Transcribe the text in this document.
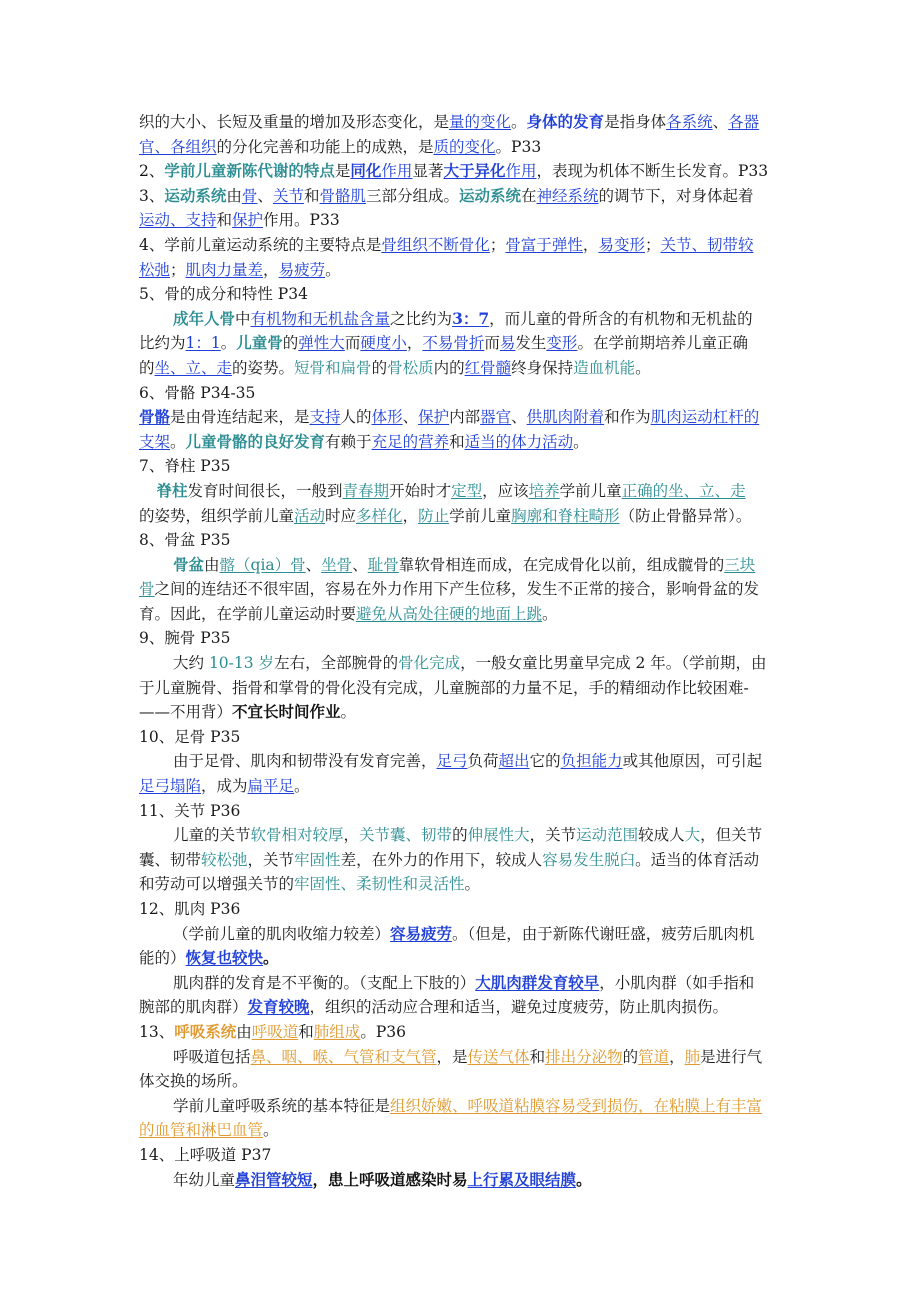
织的大小、长短及重量的增加及形态变化，是量的变化。身体的发育是指身体各系统、各器
官、各组织的分化完善和功能上的成熟，是质的变化。P33
2、学前儿童新陈代谢的特点是同化作用显著大于异化作用，表现为机体不断生长发育。P33
3、运动系统由骨、关节和骨骼肌三部分组成。运动系统在神经系统的调节下，对身体起着
运动、支持和保护作用。P33
4、学前儿童运动系统的主要特点是骨组织不断骨化；骨富于弹性，易变形；关节、韧带较
松弛；肌肉力量差，易疲劳。
5、骨的成分和特性 P34
成年人骨中有机物和无机盐含量之比约为3：7，而儿童的骨所含的有机物和无机盐的
比约为1：1。儿童骨的弹性大而硬度小，不易骨折而易发生变形。在学前期培养儿童正确
的坐、立、走的姿势。短骨和扁骨的骨松质内的红骨髓终身保持造血机能。
6、骨骼 P34-35
骨骼是由骨连结起来，是支持人的体形、保护内部器官、供肌肉附着和作为肌肉运动杠杆的
支架。儿童骨骼的良好发育有赖于充足的营养和适当的体力活动。
7、脊柱 P35
　脊柱发育时间很长，一般到青春期开始时才定型，应该培养学前儿童正确的坐、立、走
的姿势，组织学前儿童活动时应多样化，防止学前儿童胸廓和脊柱畸形（防止骨骼异常）。
8、骨盆 P35
骨盆由髂（qia）骨、坐骨、耻骨靠软骨相连而成，在完成骨化以前，组成髋骨的三块
骨之间的连结还不很牢固，容易在外力作用下产生位移，发生不正常的接合，影响骨盆的发
育。因此，在学前儿童运动时要避免从高处往硬的地面上跳。
9、腕骨 P35
大约 10-13 岁左右，全部腕骨的骨化完成，一般女童比男童早完成 2 年。（学前期，由
于儿童腕骨、指骨和掌骨的骨化没有完成，儿童腕部的力量不足，手的精细动作比较困难-
——不用背）不宜长时间作业。
10、足骨 P35
由于足骨、肌肉和韧带没有发育完善，足弓负荷超出它的负担能力或其他原因，可引起
足弓塌陷，成为扁平足。
11、关节 P36
儿童的关节软骨相对较厚，关节囊、韧带的伸展性大，关节运动范围较成人大，但关节
囊、韧带较松弛，关节牢固性差，在外力的作用下，较成人容易发生脱臼。适当的体育活动
和劳动可以增强关节的牢固性、柔韧性和灵活性。
12、肌肉 P36
（学前儿童的肌肉收缩力较差）容易疲劳。（但是，由于新陈代谢旺盛，疲劳后肌肉机
能的）恢复也较快。
肌肉群的发育是不平衡的。（支配上下肢的）大肌肉群发育较早，小肌肉群（如手指和
腕部的肌肉群）发育较晚，组织的活动应合理和适当，避免过度疲劳，防止肌肉损伤。
13、呼吸系统由呼吸道和肺组成。P36
呼吸道包括鼻、咽、喉、气管和支气管，是传送气体和排出分泌物的管道，肺是进行气
体交换的场所。
学前儿童呼吸系统的基本特征是组织娇嫩、呼吸道粘膜容易受到损伤，在粘膜上有丰富
的血管和淋巴血管。
14、上呼吸道 P37
年幼儿童鼻泪管较短，患上呼吸道感染时易上行累及眼结膜。
